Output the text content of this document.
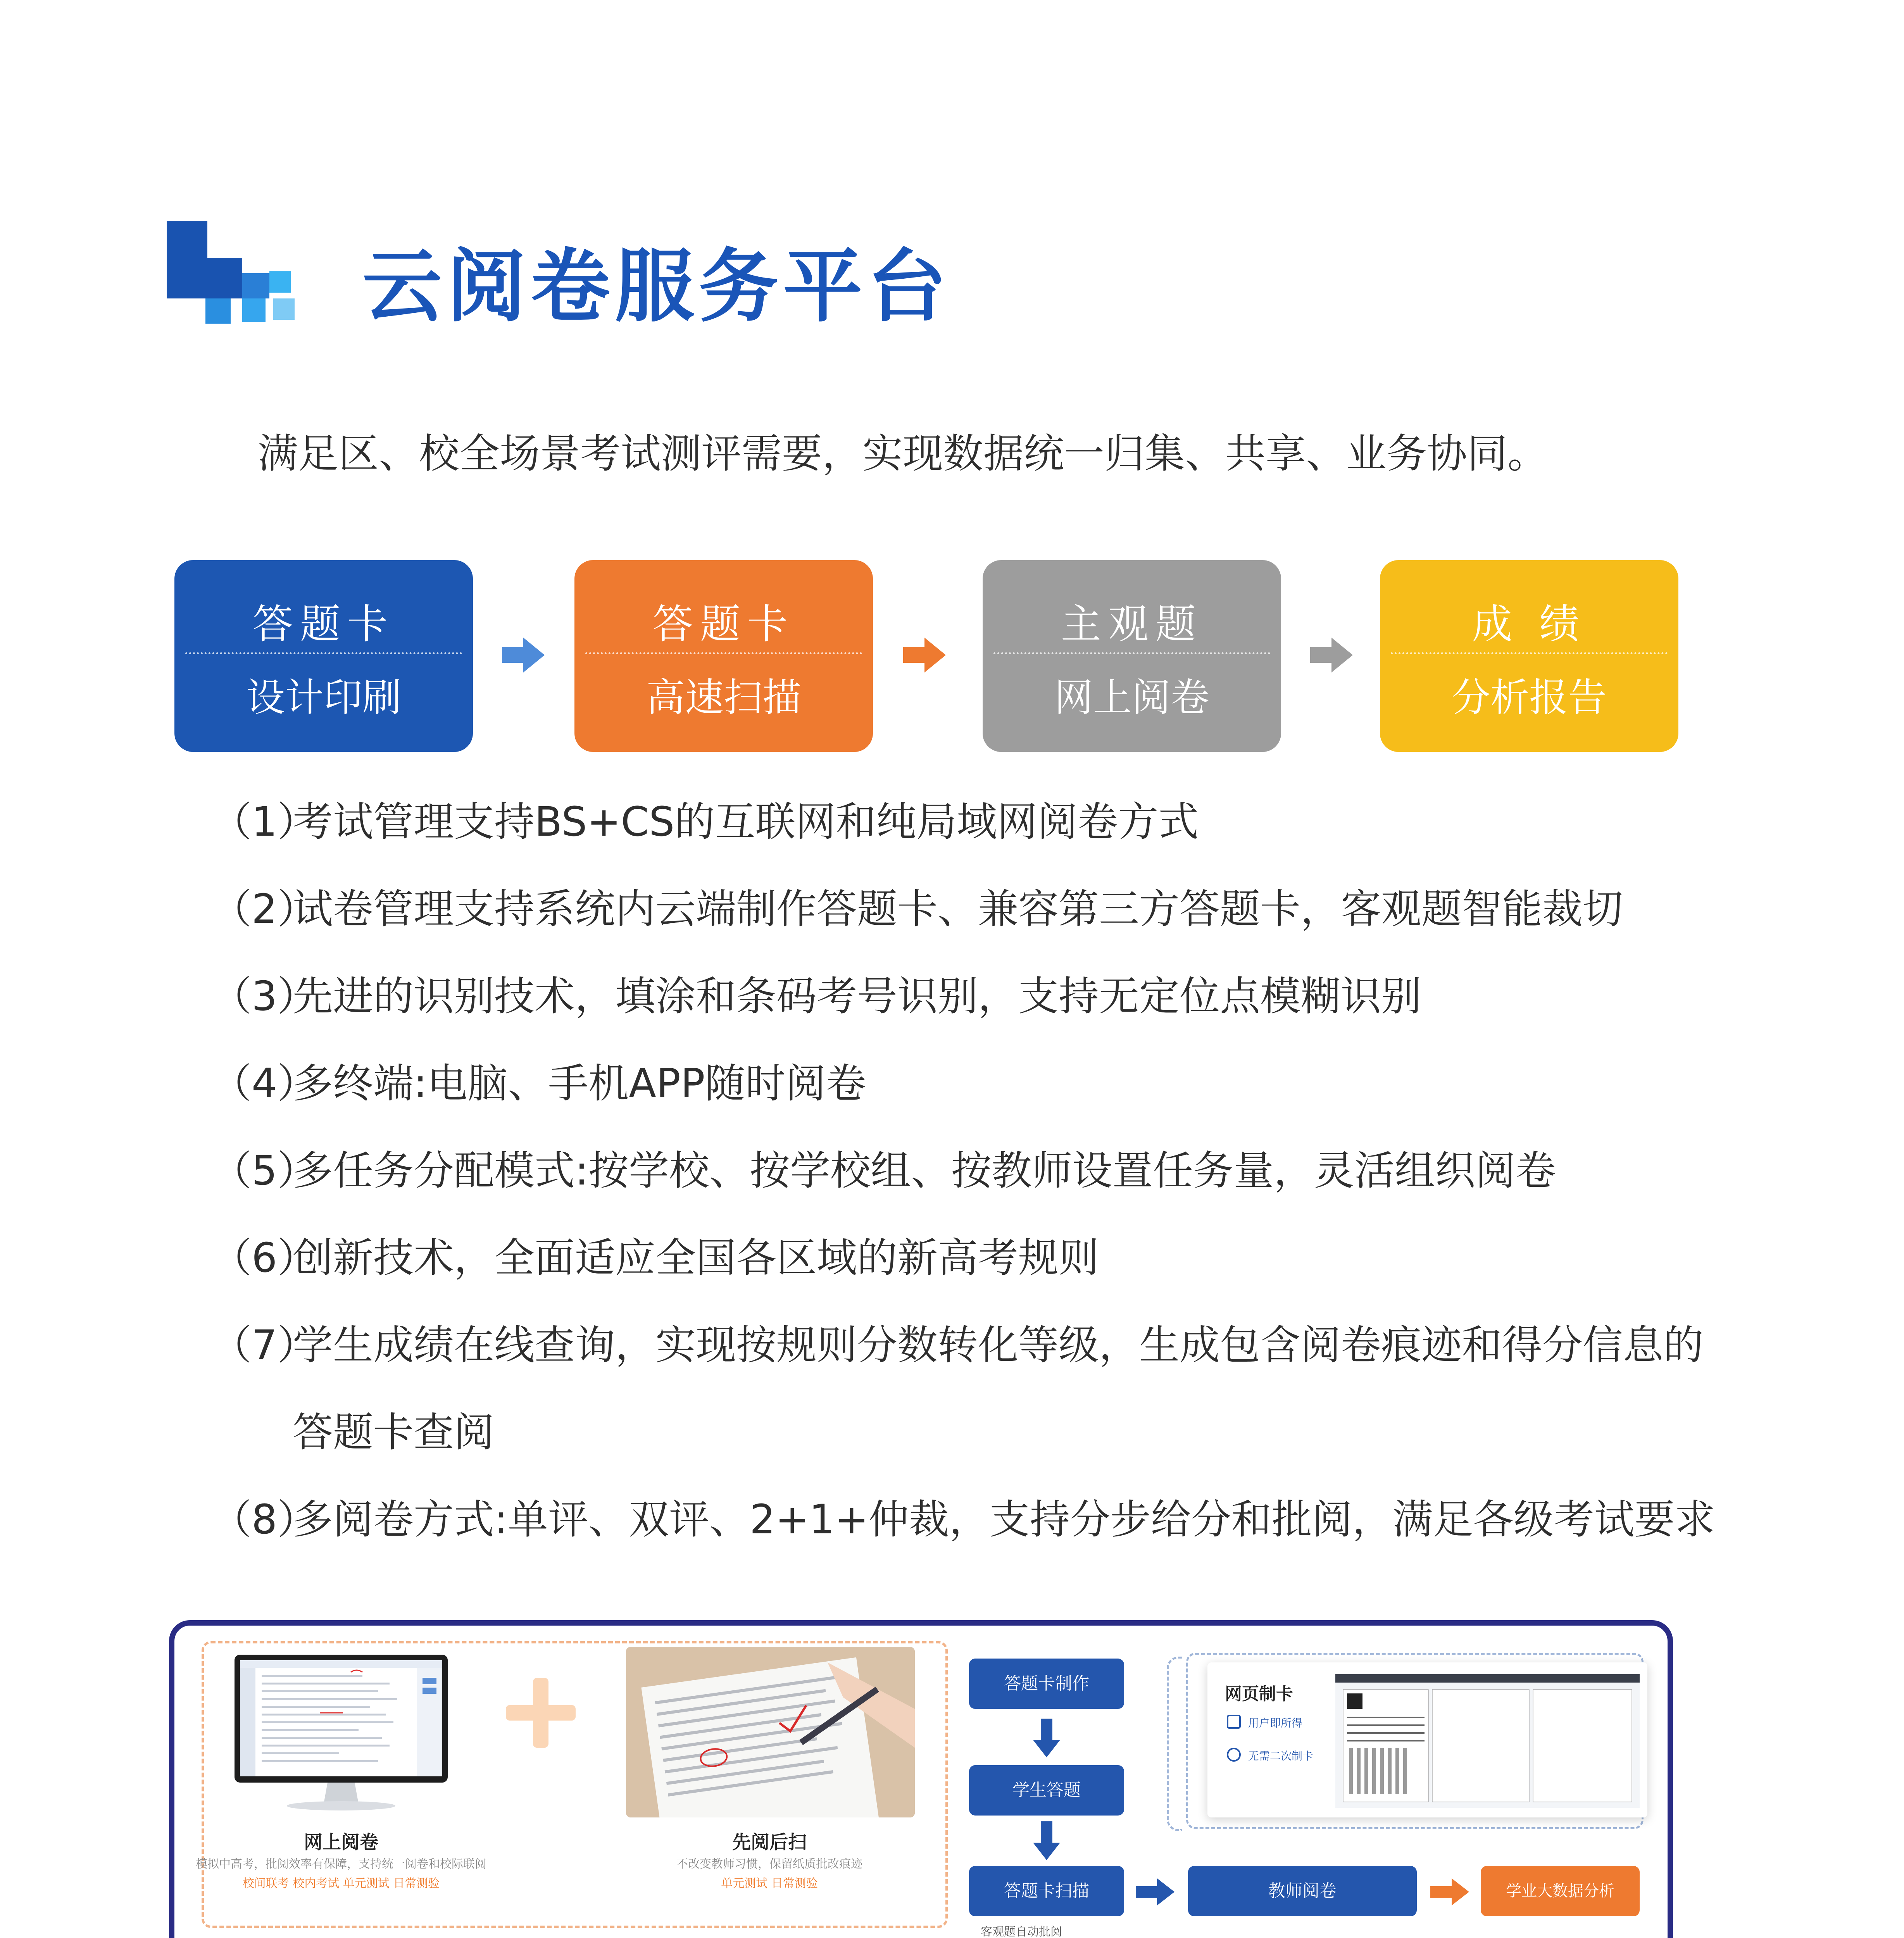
云阅卷服务平台
满足区、校全场景考试测评需要，实现数据统一归集、共享、业务协同。
答题卡
设计印刷
答题卡
高速扫描
主观题
网上阅卷
成 绩
分析报告
（1）考试管理支持BS+CS的互联网和纯局域网阅卷方式
（2）试卷管理支持系统内云端制作答题卡、兼容第三方答题卡，客观题智能裁切
（3）先进的识别技术，填涂和条码考号识别，支持无定位点模糊识别
（4）多终端:电脑、手机APP随时阅卷
（5）多任务分配模式:按学校、按学校组、按教师设置任务量，灵活组织阅卷
（6）创新技术，全面适应全国各区域的新高考规则
（7）学生成绩在线查询，实现按规则分数转化等级，生成包含阅卷痕迹和得分信息的
答题卡查阅
（8）多阅卷方式:单评、双评、2+1+仲裁，支持分步给分和批阅，满足各级考试要求
网上阅卷
模拟中高考，批阅效率有保障，支持统一阅卷和校际联阅
校间联考 校内考试 单元测试 日常测验
先阅后扫
不改变教师习惯，保留纸质批改痕迹
单元测试 日常测验
答题卡制作
学生答题
答题卡扫描
客观题自动批阅
教师阅卷	学业大数据分析
网页制卡
用户即所得
无需二次制卡
